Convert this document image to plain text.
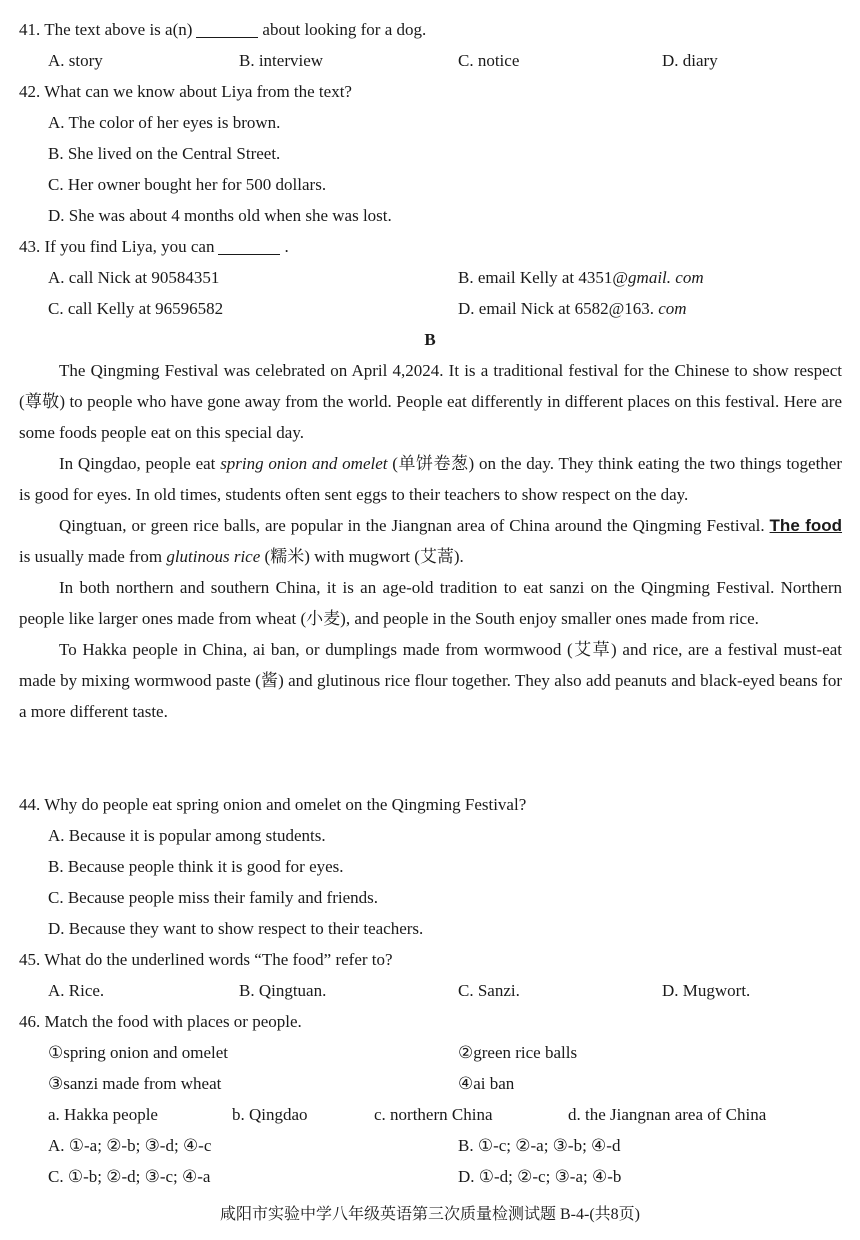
41. The text above is a(n)	about looking for a dog.
A. story	B. interview	C. notice	D. diary
42. What can we know about Liya from the text?
A. The color of her eyes is brown.
B. She lived on the Central Street.
C. Her owner bought her for 500 dollars.
D. She was about 4 months old when she was lost.
43. If you find Liya, you can	.
A. call Nick at 90584351	B. email Kelly at 4351@gmail. com
C. call Kelly at 96596582	D. email Nick at 6582@163. com
B

The Qingming Festival was celebrated on April 4,2024. It is a traditional festival for the Chinese to show respect (尊敬) to people who have gone away from the world. People eat differently in different places on this festival. Here are some foods people eat on this special day.

In Qingdao, people eat spring onion and omelet (单饼卷葱) on the day. They think eating the two things together is good for eyes. In old times, students often sent eggs to their teachers to show respect on the day.

Qingtuan, or green rice balls, are popular in the Jiangnan area of China around the Qingming Festival. The food is usually made from glutinous rice (糯米) with mugwort (艾蒿).

In both northern and southern China, it is an age-old tradition to eat sanzi on the Qingming Festival. Northern people like larger ones made from wheat (小麦), and people in the South enjoy smaller ones made from rice.

To Hakka people in China, ai ban, or dumplings made from wormwood (艾草) and rice, are a festival must-eat made by mixing wormwood paste (酱) and glutinous rice flour together. They also add peanuts and black-eyed beans for a more different taste.

44. Why do people eat spring onion and omelet on the Qingming Festival?
A. Because it is popular among students.
B. Because people think it is good for eyes.
C. Because people miss their family and friends.
D. Because they want to show respect to their teachers.
45. What do the underlined words “The food” refer to?
A. Rice.	B. Qingtuan.	C. Sanzi.	D. Mugwort.
46. Match the food with places or people.
①spring onion and omelet	②green rice balls
③sanzi made from wheat	④ai ban
a. Hakka people	b. Qingdao	c. northern China	d. the Jiangnan area of China
A. ①-a; ②-b; ③-d; ④-c	B. ①-c; ②-a; ③-b; ④-d
C. ①-b; ②-d; ③-c; ④-a	D. ①-d; ②-c; ③-a; ④-b
咸阳市实验中学八年级英语第三次质量检测试题 B-4-(共8页)
